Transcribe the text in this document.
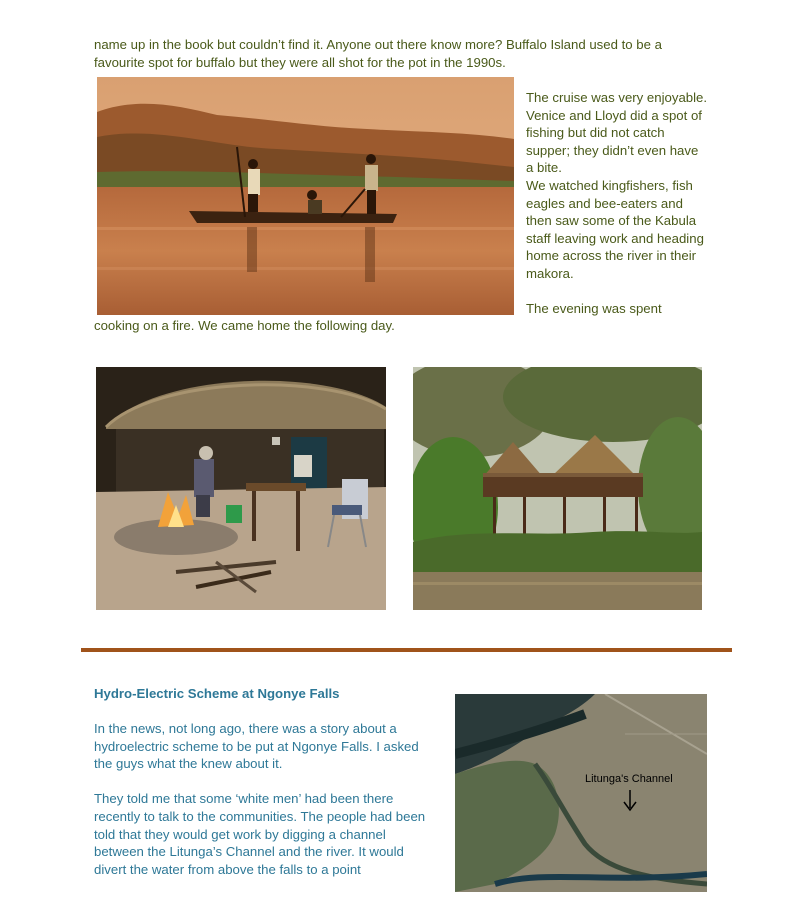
name up in the book but couldn’t find it. Anyone out there know more? Buffalo Island used to be a
favourite spot for buffalo but they were all shot for the pot in the 1990s.

The cruise was very enjoyable.

Venice and Lloyd did a spot of

fishing but did not catch

supper; they didn’t even have

a bite.

We watched kingfishers, fish

eagles and bee-eaters and

then saw some of the Kabula

staff leaving work and heading

home across the river in their

makora.

The evening was spent

cooking on a fire. We came home the following day.
Hydro-Electric Scheme at Ngonye Falls

In the news, not long ago, there was a story about a

hydroelectric scheme to be put at Ngonye Falls. I asked

the guys what the knew about it.

They told me that some ‘white men’ had been there

recently to talk to the communities. The people had been

told that they would get work by digging a channel

between the Litunga’s Channel and the river. It would

divert the water from above the falls to a point

Litunga's Channel
